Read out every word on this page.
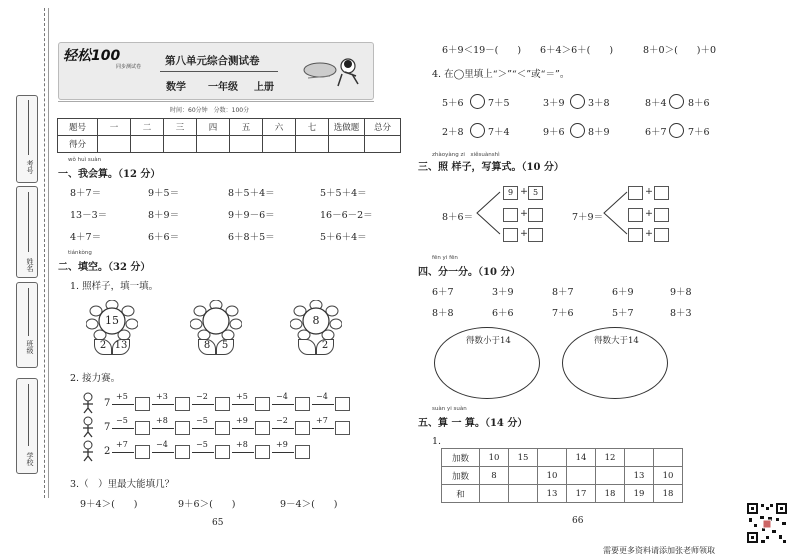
考号
姓名
班级
学校
轻松100
同步测试卷 第八单元综合测试卷
数学 一年级 上册
时间：60分钟　分数：100分
题号	一	二	三	四	五	六	七	选做题	总分
得分									
wǒ huì suàn
一、我会算。（12 分）
8＋7＝	9＋5＝	8＋5＋4＝	5＋5＋4＝
13－3＝	8＋9＝	9＋9－6＝	16－6－2＝
4＋7＝	6＋6＝	6＋8＋5＝	5＋6＋4＝
tiánkòng
二、填空。（32 分）
1. 照样子，填一填。
15
2 13	8	5
8
2
2. 接力赛。
7
+5	+3	−2	+5	−4	−4
7
−5	+8	−5	+9	−2	+7
2
+7	−4	−5	+8	+9
3.（　）里最大能填几？
9＋4＞(　　)	9＋6＞(　　)	9－4＞(　　)
65
6＋9＜19－(　　) 6＋4＞6＋(　　)	8＋0＞(　　)＋0
4. 在◯里填上“＞”“＜”或“＝”。
5＋6	7＋5	3＋9 3＋8	8＋4 8＋6
2＋8	7＋4	9＋6 8＋9	6＋7 7＋6
zhàoyàng zi　xiěsuànshì
三、照 样子，写算式。（10 分）
8＋6＝
9 + 5
+
+
7＋9＝
+
+
+
fēn yi fēn
四、分一分。（10 分）
6＋7	3＋9	8＋7	6＋9	9＋8
8＋8	6＋6	7＋6	5＋7	8＋3
得数小于14	得数大于14
suàn yi suàn
五、算 一 算。（14 分）
1.
加数	10	15		14	12		
加数	8		10			13	10
和			13	17	18	19	18
66
需要更多资料请添加张老师领取
